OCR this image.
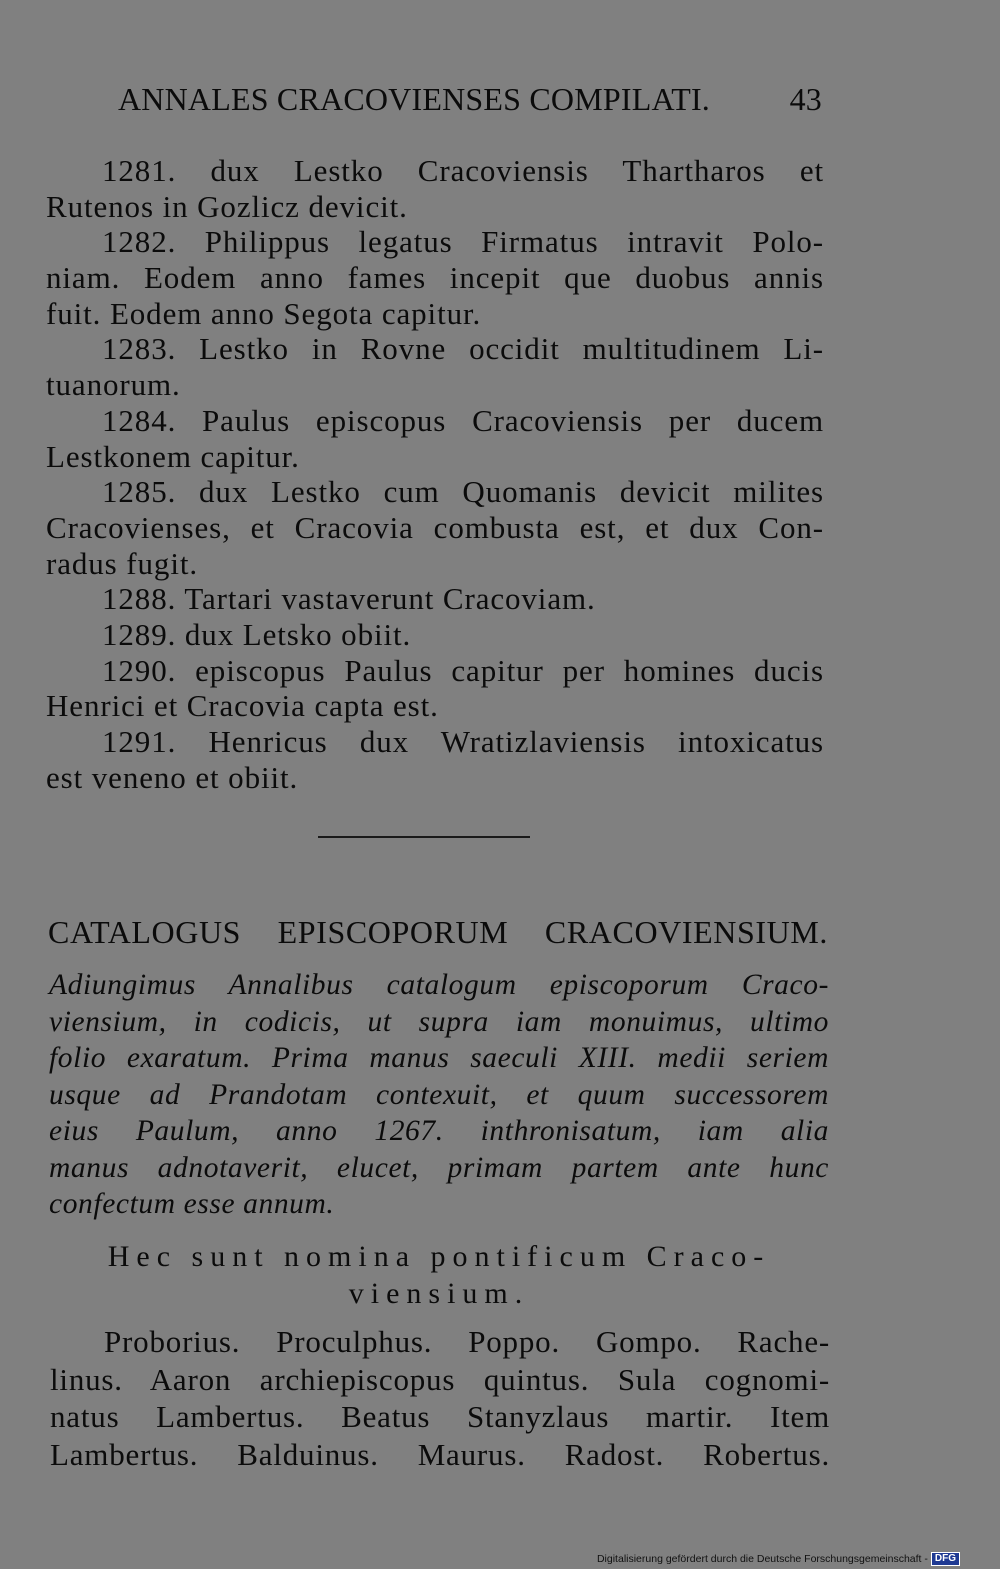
ANNALES CRACOVIENSES COMPILATI. 43
1281. dux Lestko Cracoviensis Thartharos et
Rutenos in Gozlicz devicit.
1282. Philippus legatus Firmatus intravit Polo-
niam. Eodem anno fames incepit que duobus annis
fuit. Eodem anno Segota capitur.
1283. Lestko in Rovne occidit multitudinem Li-
tuanorum.
1284. Paulus episcopus Cracoviensis per ducem
Lestkonem capitur.
1285. dux Lestko cum Quomanis devicit milites
Cracovienses, et Cracovia combusta est, et dux Con-
radus fugit.
1288. Tartari vastaverunt Cracoviam.
1289. dux Letsko obiit.
1290. episcopus Paulus capitur per homines ducis
Henrici et Cracovia capta est.
1291. Henricus dux Wratizlaviensis intoxicatus
est veneno et obiit.
CATALOGUS EPISCOPORUM CRACOVIENSIUM.
Adiungimus Annalibus catalogum episcoporum Craco-
viensium, in codicis, ut supra iam monuimus, ultimo
folio exaratum. Prima manus saeculi XIII. medii seriem
usque ad Prandotam contexuit, et quum successorem
eius Paulum, anno 1267. inthronisatum, iam alia
manus adnotaverit, elucet, primam partem ante hunc
confectum esse annum.
Hec sunt nomina pontificum Craco-
viensium.
Proborius. Proculphus. Poppo. Gompo. Rache-
linus. Aaron archiepiscopus quintus. Sula cognomi-
natus Lambertus. Beatus Stanyzlaus martir. Item
Lambertus. Balduinus. Maurus. Radost. Robertus.
Digitalisierung gefördert durch die Deutsche Forschungsgemeinschaft - DFG
